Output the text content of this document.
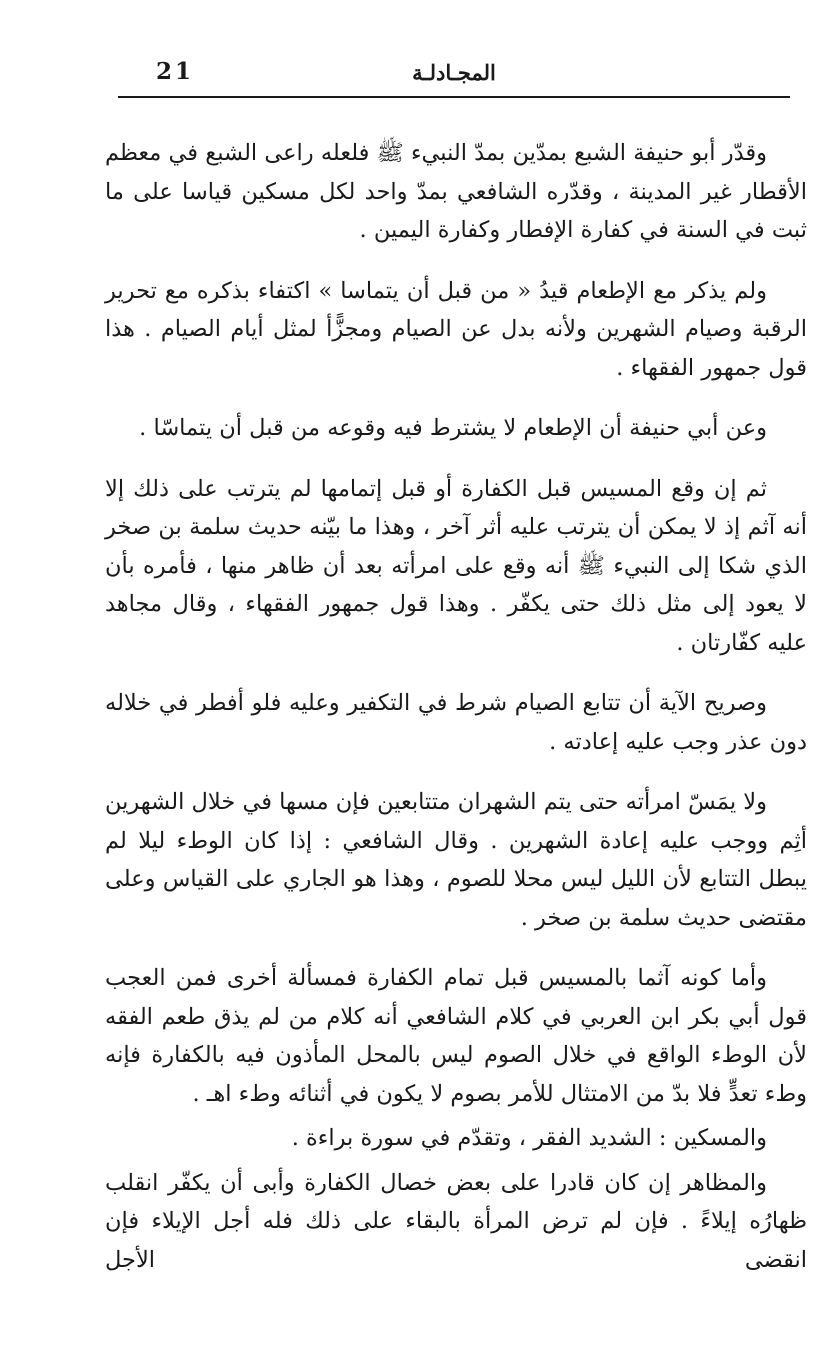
21	المجـادلـة

وقدّر أبو حنيفة الشبع بمدّين بمدّ النبيء ﷺ فلعله راعى الشبع في معظم الأقطار غير المدينة ، وقدّره الشافعي بمدّ واحد لكل مسكين قياسا على ما ثبت في السنة في كفارة الإفطار وكفارة اليمين .

ولم يذكر مع الإطعام قيدُ « من قبل أن يتماسا » اكتفاء بذكره مع تحرير الرقبة وصيام الشهرين ولأنه بدل عن الصيام ومجزًّأ لمثل أيام الصيام . هذا قول جمهور الفقهاء .

وعن أبي حنيفة أن الإطعام لا يشترط فيه وقوعه من قبل أن يتماسّا .

ثم إن وقع المسيس قبل الكفارة أو قبل إتمامها لم يترتب على ذلك إلا أنه آثم إذ لا يمكن أن يترتب عليه أثر آخر ، وهذا ما بيّنه حديث سلمة بن صخر الذي شكا إلى النبيء ﷺ أنه وقع على امرأته بعد أن ظاهر منها ، فأمره بأن لا يعود إلى مثل ذلك حتى يكفّر . وهذا قول جمهور الفقهاء ، وقال مجاهد عليه كفّارتان .

وصريح الآية أن تتابع الصيام شرط في التكفير وعليه فلو أفطر في خلاله دون عذر وجب عليه إعادته .

ولا يمَسّ امرأته حتى يتم الشهران متتابعين فإن مسها في خلال الشهرين أثِم ووجب عليه إعادة الشهرين . وقال الشافعي : إذا كان الوطء ليلا لم يبطل التتابع لأن الليل ليس محلا للصوم ، وهذا هو الجاري على القياس وعلى مقتضى حديث سلمة بن صخر .

وأما كونه آثما بالمسيس قبل تمام الكفارة فمسألة أخرى فمن العجب قول أبي بكر ابن العربي في كلام الشافعي أنه كلام من لم يذق طعم الفقه لأن الوطء الواقع في خلال الصوم ليس بالمحل المأذون فيه بالكفارة فإنه وطء تعدٍّ فلا بدّ من الامتثال للأمر بصوم لا يكون في أثنائه وطء اهـ .

والمسكين : الشديد الفقر ، وتقدّم في سورة براءة .

والمظاهر إن كان قادرا على بعض خصال الكفارة وأبى أن يكفّر انقلب ظهارُه إيلاءً . فإن لم ترض المرأة بالبقاء على ذلك فله أجل الإيلاء فإن انقضى الأجل
